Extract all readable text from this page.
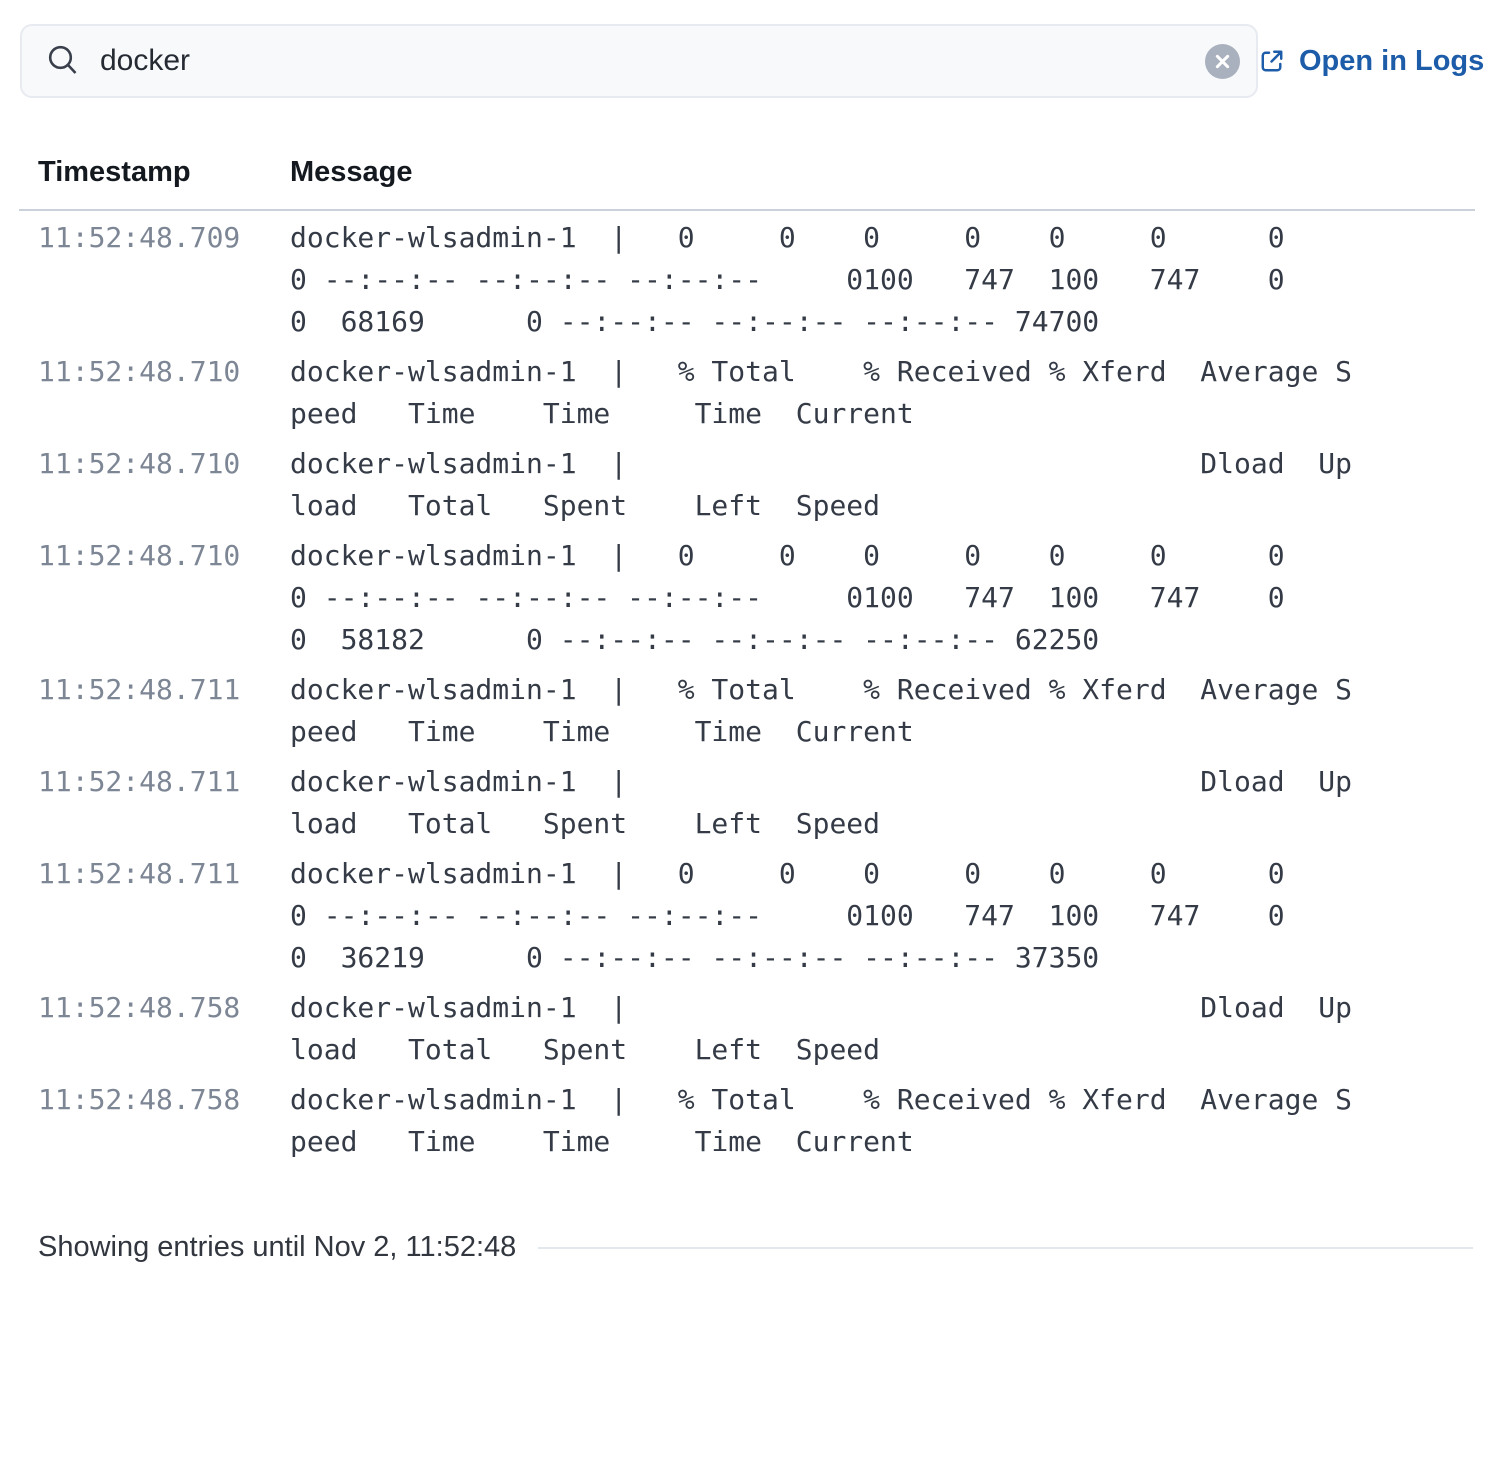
docker
Open in Logs
Timestamp	Message
11:52:48.709	docker-wlsadmin-1  |   0     0    0     0    0     0      0
0 --:--:-- --:--:-- --:--:--     0100   747  100   747    0
0  68169      0 --:--:-- --:--:-- --:--:-- 74700
11:52:48.710	docker-wlsadmin-1  |   % Total    % Received % Xferd  Average S
peed   Time    Time     Time  Current
11:52:48.710	docker-wlsadmin-1  |                                  Dload  Up
load   Total   Spent    Left  Speed
11:52:48.710	docker-wlsadmin-1  |   0     0    0     0    0     0      0
0 --:--:-- --:--:-- --:--:--     0100   747  100   747    0
0  58182      0 --:--:-- --:--:-- --:--:-- 62250
11:52:48.711	docker-wlsadmin-1  |   % Total    % Received % Xferd  Average S
peed   Time    Time     Time  Current
11:52:48.711	docker-wlsadmin-1  |                                  Dload  Up
load   Total   Spent    Left  Speed
11:52:48.711	docker-wlsadmin-1  |   0     0    0     0    0     0      0
0 --:--:-- --:--:-- --:--:--     0100   747  100   747    0
0  36219      0 --:--:-- --:--:-- --:--:-- 37350
11:52:48.758	docker-wlsadmin-1  |                                  Dload  Up
load   Total   Spent    Left  Speed
11:52:48.758	docker-wlsadmin-1  |   % Total    % Received % Xferd  Average S
peed   Time    Time     Time  Current
Showing entries until Nov 2, 11:52:48
